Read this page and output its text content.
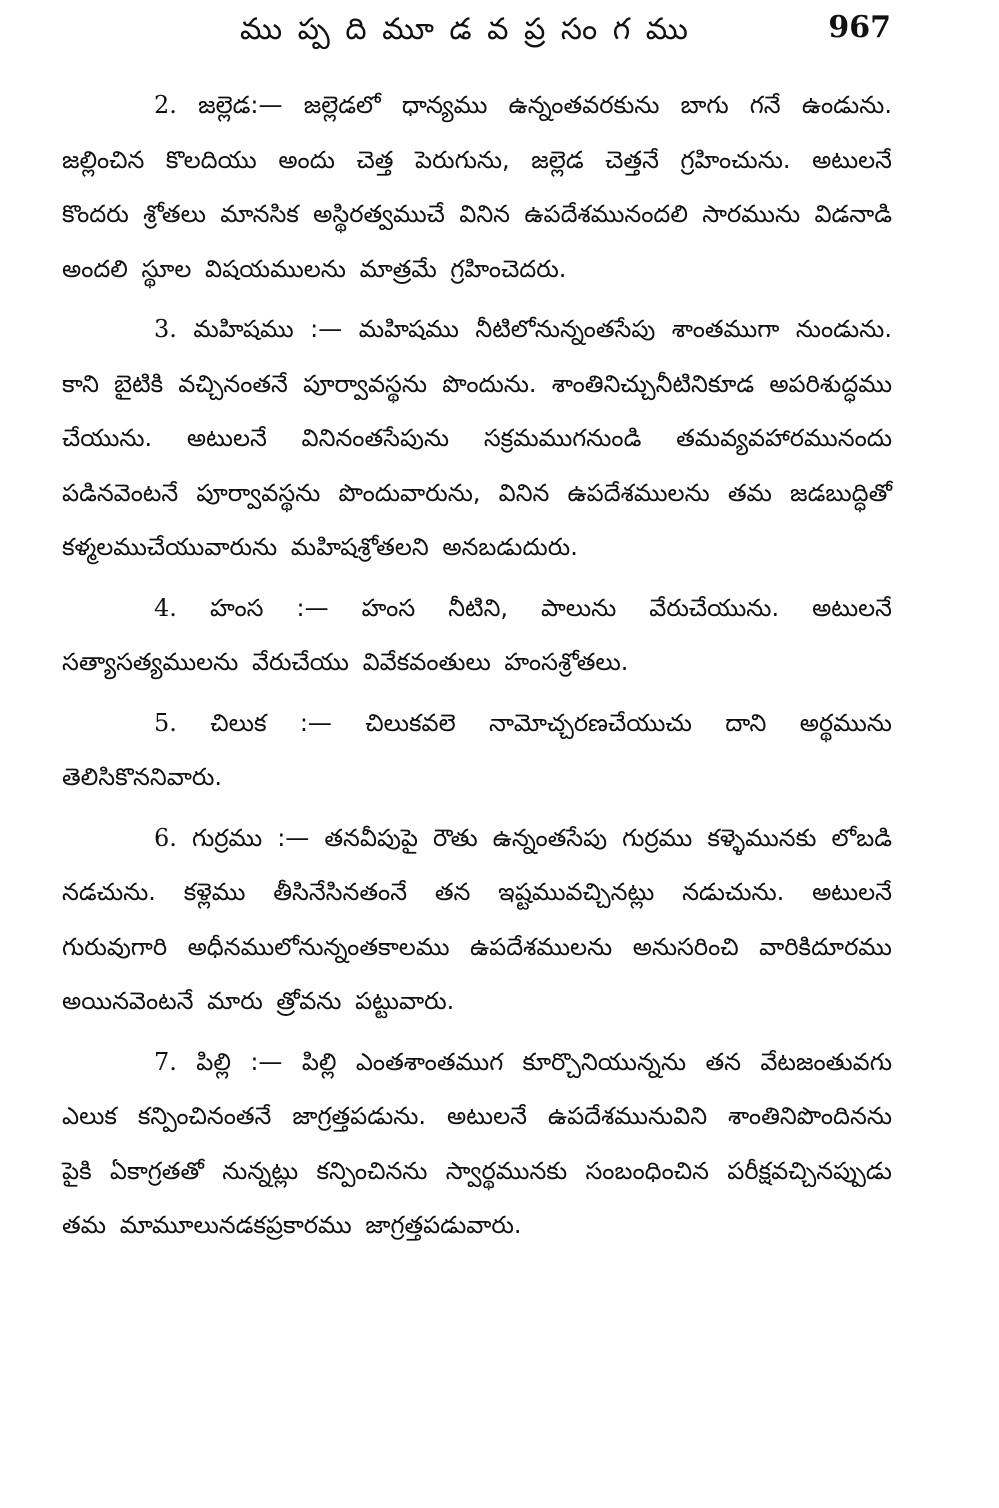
ము ప్ప ది మూ డ వ ప్ర సం గ ము	967

2. జల్లెడ:— జల్లెడలో ధాన్యము ఉన్నంతవరకును బాగు గనే ఉండును. జల్లించిన కొలదియు అందు చెత్త పెరుగును, జల్లెడ చెత్తనే గ్రహించును. అటులనే కొందరు శ్రోతలు మానసిక అస్థిరత్వముచే వినిన ఉపదేశమునందలి సారమును విడనాడి అందలి స్థూల విషయములను మాత్రమే గ్రహించెదరు.

3. మహిషము :— మహిషము నీటిలోనున్నంతసేపు శాంతముగా నుండును. కాని బైటికి వచ్చినంతనే పూర్వావస్థను పొందును. శాంతినిచ్చునీటినికూడ అపరిశుద్ధము చేయును. అటులనే వినినంతసేపును సక్రమముగనుండి తమవ్యవహారమునందు పడినవెంటనే పూర్వావస్థను పొందువారును, వినిన ఉపదేశములను తమ జడబుద్ధితో కళ్మలముచేయువారును మహిషశ్రోతలని అనబడుదురు.

4. హంస :— హంస నీటిని, పాలును వేరుచేయును. అటులనే సత్యాసత్యములను వేరుచేయు వివేకవంతులు హంసశ్రోతలు.

5. చిలుక :— చిలుకవలె నామోచ్చరణచేయుచు దాని అర్థమును తెలిసికొననివారు.

6. గుర్రము :— తనవీపుపై రౌతు ఉన్నంతసేపు గుర్రము కళ్ళెమునకు లోబడి నడచును. కళ్లెము తీసినేసినతంనే తన ఇష్టమువచ్చినట్లు నడుచును. అటులనే గురువుగారి అధీనములోనున్నంతకాలము ఉపదేశములను అనుసరించి వారికిదూరము అయినవెంటనే మారు త్రోవను పట్టువారు.

7. పిల్లి :— పిల్లి ఎంతశాంతముగ కూర్చొనియున్నను తన వేటజంతువగు ఎలుక కన్పించినంతనే జాగ్రత్తపడును. అటులనే ఉపదేశమునువిని శాంతినిపొందినను పైకి ఏకాగ్రతతో నున్నట్లు కన్పించినను స్వార్థమునకు సంబంధించిన పరీక్షవచ్చినప్పుడు తమ మామూలునడకప్రకారము జాగ్రత్తపడువారు.
